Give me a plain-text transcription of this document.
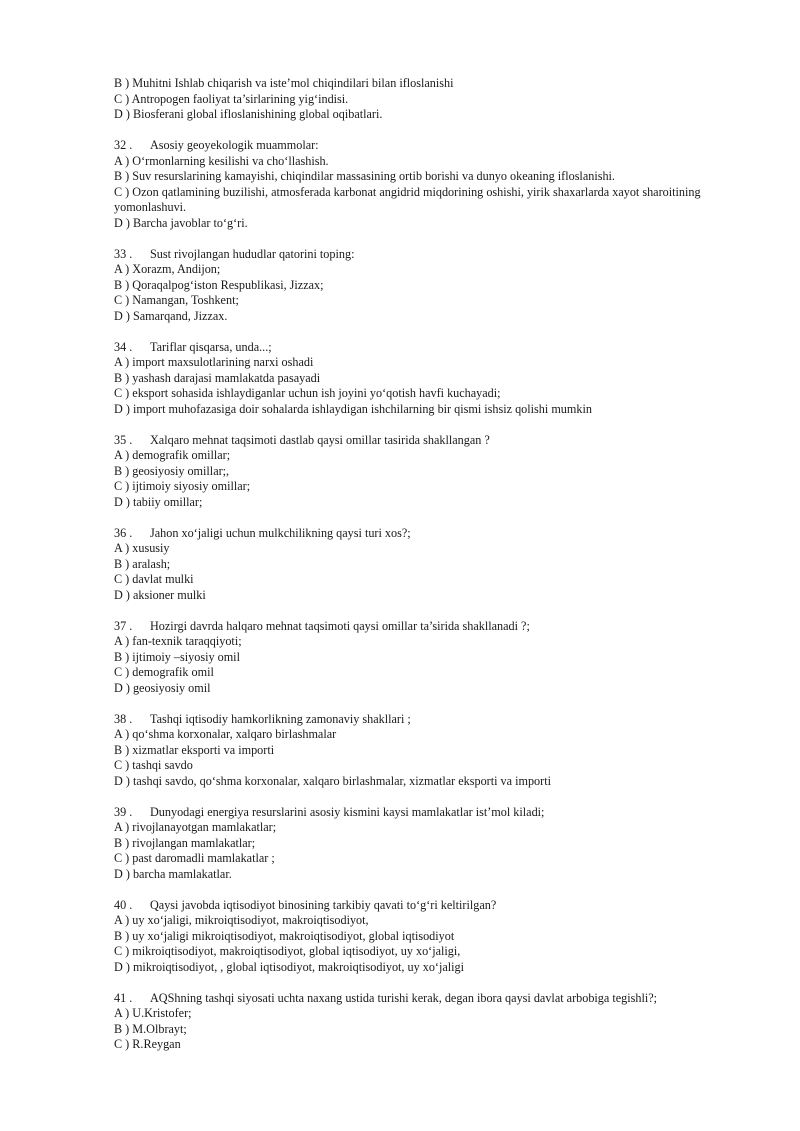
B ) Muhitni Ishlab chiqarish va iste’mol chiqindilari bilan ifloslanishi
C ) Antropogen faoliyat ta’sirlarining yig‘indisi.
D ) Biosferani global ifloslanishining global oqibatlari.
32 . Asosiy geoyekologik muammolar:
A ) O‘rmonlarning kesilishi va cho‘llashish.
B ) Suv resurslarining kamayishi, chiqindilar massasining ortib borishi va dunyo okeaning ifloslanishi.
C ) Ozon qatlamining buzilishi, atmosferada karbonat angidrid miqdorining oshishi, yirik shaxarlarda xayot sharoitining yomonlashuvi.
D ) Barcha javoblar to‘g‘ri.
33 . Sust rivojlangan hududlar qatorini toping:
A ) Xorazm, Andijon;
B ) Qoraqalpog‘iston Respublikasi, Jizzax;
C ) Namangan, Toshkent;
D ) Samarqand, Jizzax.
34 . Tariflar qisqarsa, unda...;
A ) import maxsulotlarining narxi oshadi
B ) yashash darajasi mamlakatda pasayadi
C ) eksport sohasida ishlaydiganlar uchun ish joyini yo‘qotish havfi kuchayadi;
D ) import muhofazasiga doir sohalarda ishlaydigan ishchilarning bir qismi ishsiz qolishi mumkin
35 . Xalqaro mehnat taqsimoti dastlab qaysi omillar tasirida shakllangan ?
A ) demografik omillar;
B ) geosiyosiy omillar;,
C ) ijtimoiy siyosiy omillar;
D ) tabiiy omillar;
36 . Jahon xo‘jaligi uchun mulkchilikning qaysi turi xos?;
A ) xususiy
B ) aralash;
C ) davlat mulki
D ) aksioner mulki
37 . Hozirgi davrda halqaro mehnat taqsimoti qaysi omillar ta’sirida shakllanadi ?;
A ) fan-texnik taraqqiyoti;
B ) ijtimoiy –siyosiy omil
C ) demografik omil
D ) geosiyosiy omil
38 . Tashqi iqtisodiy hamkorlikning zamonaviy shakllari ;
A ) qo‘shma korxonalar, xalqaro birlashmalar
B ) xizmatlar eksporti va importi
C ) tashqi savdo
D ) tashqi savdo, qo‘shma korxonalar, xalqaro birlashmalar, xizmatlar eksporti va importi
39 . Dunyodagi energiya resurslarini asosiy kismini kaysi mamlakatlar ist’mol kiladi;
A ) rivojlanayotgan mamlakatlar;
B ) rivojlangan mamlakatlar;
C ) past daromadli mamlakatlar ;
D ) barcha mamlakatlar.
40 . Qaysi javobda iqtisodiyot binosining tarkibiy qavati to‘g‘ri keltirilgan?
A ) uy xo‘jaligi, mikroiqtisodiyot, makroiqtisodiyot,
B ) uy xo‘jaligi mikroiqtisodiyot, makroiqtisodiyot, global iqtisodiyot
C ) mikroiqtisodiyot, makroiqtisodiyot, global iqtisodiyot, uy xo‘jaligi,
D ) mikroiqtisodiyot, , global iqtisodiyot, makroiqtisodiyot, uy xo‘jaligi
41 . AQShning tashqi siyosati uchta naxang ustida turishi kerak, degan ibora qaysi davlat arbobiga tegishli?;
A ) U.Kristofer;
B ) M.Olbrayt;
C ) R.Reygan
